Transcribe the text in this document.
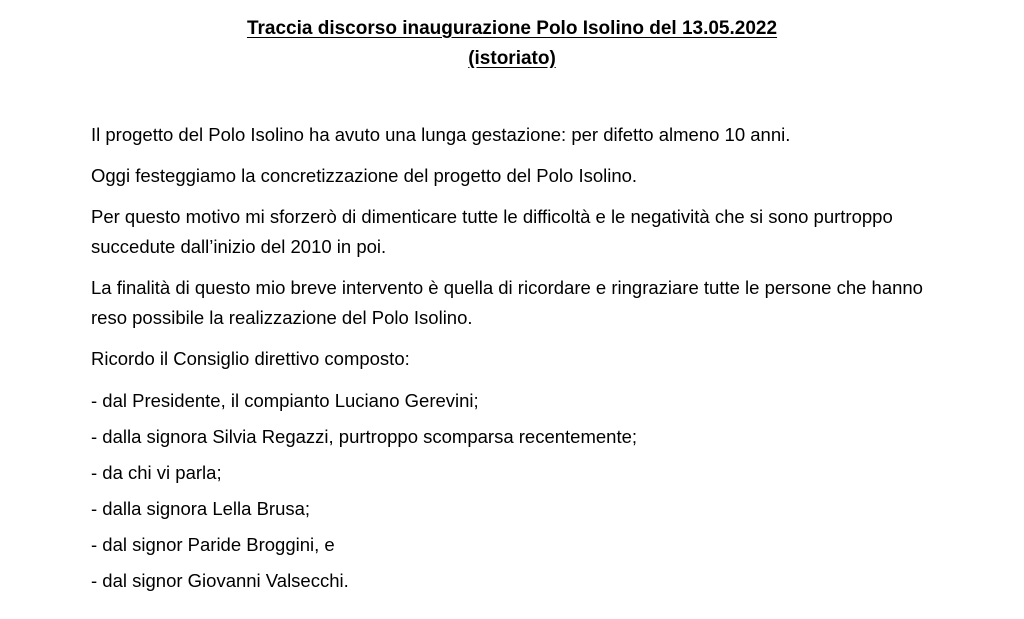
Traccia discorso inaugurazione Polo Isolino del 13.05.2022
(istoriato)

Il progetto del Polo Isolino ha avuto una lunga gestazione: per difetto almeno 10 anni.

Oggi festeggiamo la concretizzazione del progetto del Polo Isolino.

Per questo motivo mi sforzerò di dimenticare tutte le difficoltà e le negatività che si sono purtroppo succedute dall’inizio del 2010 in poi.

La finalità di questo mio breve intervento è quella di ricordare e ringraziare tutte le persone che hanno reso possibile la realizzazione del Polo Isolino.

Ricordo il Consiglio direttivo composto:

- dal Presidente, il compianto Luciano Gerevini;
- dalla signora Silvia Regazzi, purtroppo scomparsa recentemente;
- da chi vi parla;
- dalla signora Lella Brusa;
- dal signor Paride Broggini, e
- dal signor Giovanni Valsecchi.
